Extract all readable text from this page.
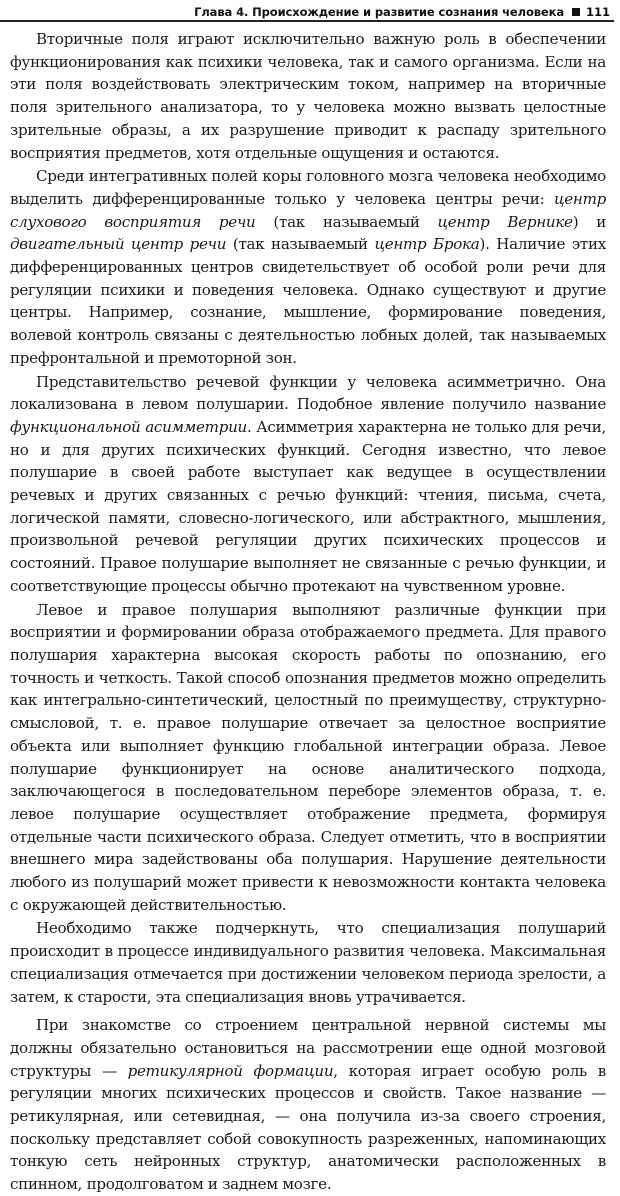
Глава 4. Происхождение и развитие сознания человека 111

Вторичные поля играют исключительно важную роль в обеспечении функционирования как психики человека, так и самого организма. Если на эти поля воздействовать электрическим током, например на вторичные поля зрительного анализатора, то у человека можно вызвать целостные зрительные образы, а их разрушение приводит к распаду зрительного восприятия предметов, хотя отдельные ощущения и остаются.

Среди интегративных полей коры головного мозга человека необходимо выделить дифференцированные только у человека центры речи: центр слухового восприятия речи (так называемый центр Вернике) и двигательный центр речи (так называемый центр Брока). Наличие этих дифференцированных центров свидетельствует об особой роли речи для регуляции психики и поведения человека. Однако существуют и другие центры. Например, сознание, мышление, формирование поведения, волевой контроль связаны с деятельностью лобных долей, так называемых префронтальной и премоторной зон.

Представительство речевой функции у человека асимметрично. Она локализована в левом полушарии. Подобное явление получило название функциональной асимметрии. Асимметрия характерна не только для речи, но и для других психических функций. Сегодня известно, что левое полушарие в своей работе выступает как ведущее в осуществлении речевых и других связанных с речью функций: чтения, письма, счета, логической памяти, словесно-логического, или абстрактного, мышления, произвольной речевой регуляции других психических процессов и состояний. Правое полушарие выполняет не связанные с речью функции, и соответствующие процессы обычно протекают на чувственном уровне.

Левое и правое полушария выполняют различные функции при восприятии и формировании образа отображаемого предмета. Для правого полушария характерна высокая скорость работы по опознанию, его точность и четкость. Такой способ опознания предметов можно определить как интегрально-синтетический, целостный по преимуществу, структурно-смысловой, т. е. правое полушарие отвечает за целостное восприятие объекта или выполняет функцию глобальной интеграции образа. Левое полушарие функционирует на основе аналитического подхода, заключающегося в последовательном переборе элементов образа, т. е. левое полушарие осуществляет отображение предмета, формируя отдельные части психического образа. Следует отметить, что в восприятии внешнего мира задействованы оба полушария. Нарушение деятельности любого из полушарий может привести к невозможности контакта человека с окружающей действительностью.

Необходимо также подчеркнуть, что специализация полушарий происходит в процессе индивидуального развития человека. Максимальная специализация отмечается при достижении человеком периода зрелости, а затем, к старости, эта специализация вновь утрачивается.

При знакомстве со строением центральной нервной системы мы должны обязательно остановиться на рассмотрении еще одной мозговой структуры — ретикулярной формации, которая играет особую роль в регуляции многих психических процессов и свойств. Такое название — ретикулярная, или сетевидная, — она получила из-за своего строения, поскольку представляет собой совокупность разреженных, напоминающих тонкую сеть нейронных структур, анатомически расположенных в спинном, продолговатом и заднем мозге.
